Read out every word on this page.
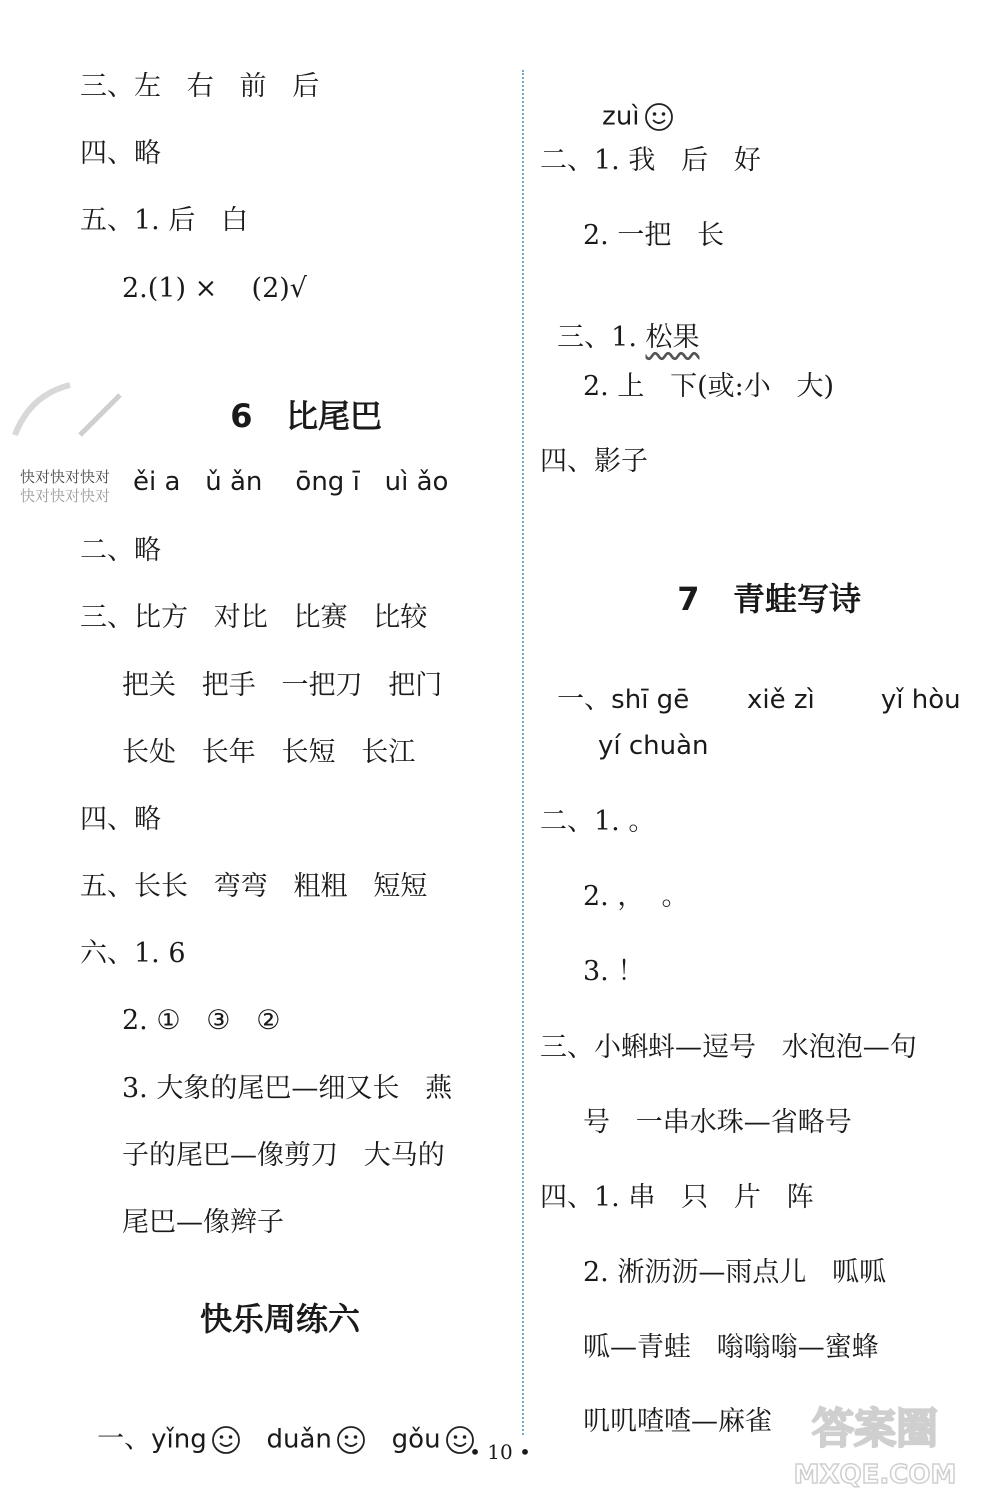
快对快对快对
快对快对快对
三、左   右   前   后
四、略
五、1. 后   白
2.(1) ×    (2)√

6 比尾巴

ěi a   ǔ ǎn    ōng ī   uì ǎo
二、略
三、比方   对比   比赛   比较
把关   把手   一把刀   把门
长处   长年   长短   长江
四、略
五、长长   弯弯   粗粗   短短
六、1. 6
2. ①   ③   ②
3. 大象的尾巴—细又长   燕
子的尾巴—像剪刀   大马的
尾巴—像辫子
快乐周练六

一、yǐng duǎn gǒu

zuì

二、1. 我   后   好
2. 一把   长

三、1. 松果

2. 上   下(或:小   大)
四、影子

7 青蛙写诗

一、shī gē       xiě zì        yǐ hòu

yí chuàn
二、1. 。
2. ，  。
3. ！
三、小蝌蚪—逗号   水泡泡—句
号   一串水珠—省略号
四、1. 串   只   片   阵
2. 淅沥沥—雨点儿   呱呱
呱—青蛙   嗡嗡嗡—蜜蜂
叽叽喳喳—麻雀
• 10 •	答案圈
MXQE.COM
